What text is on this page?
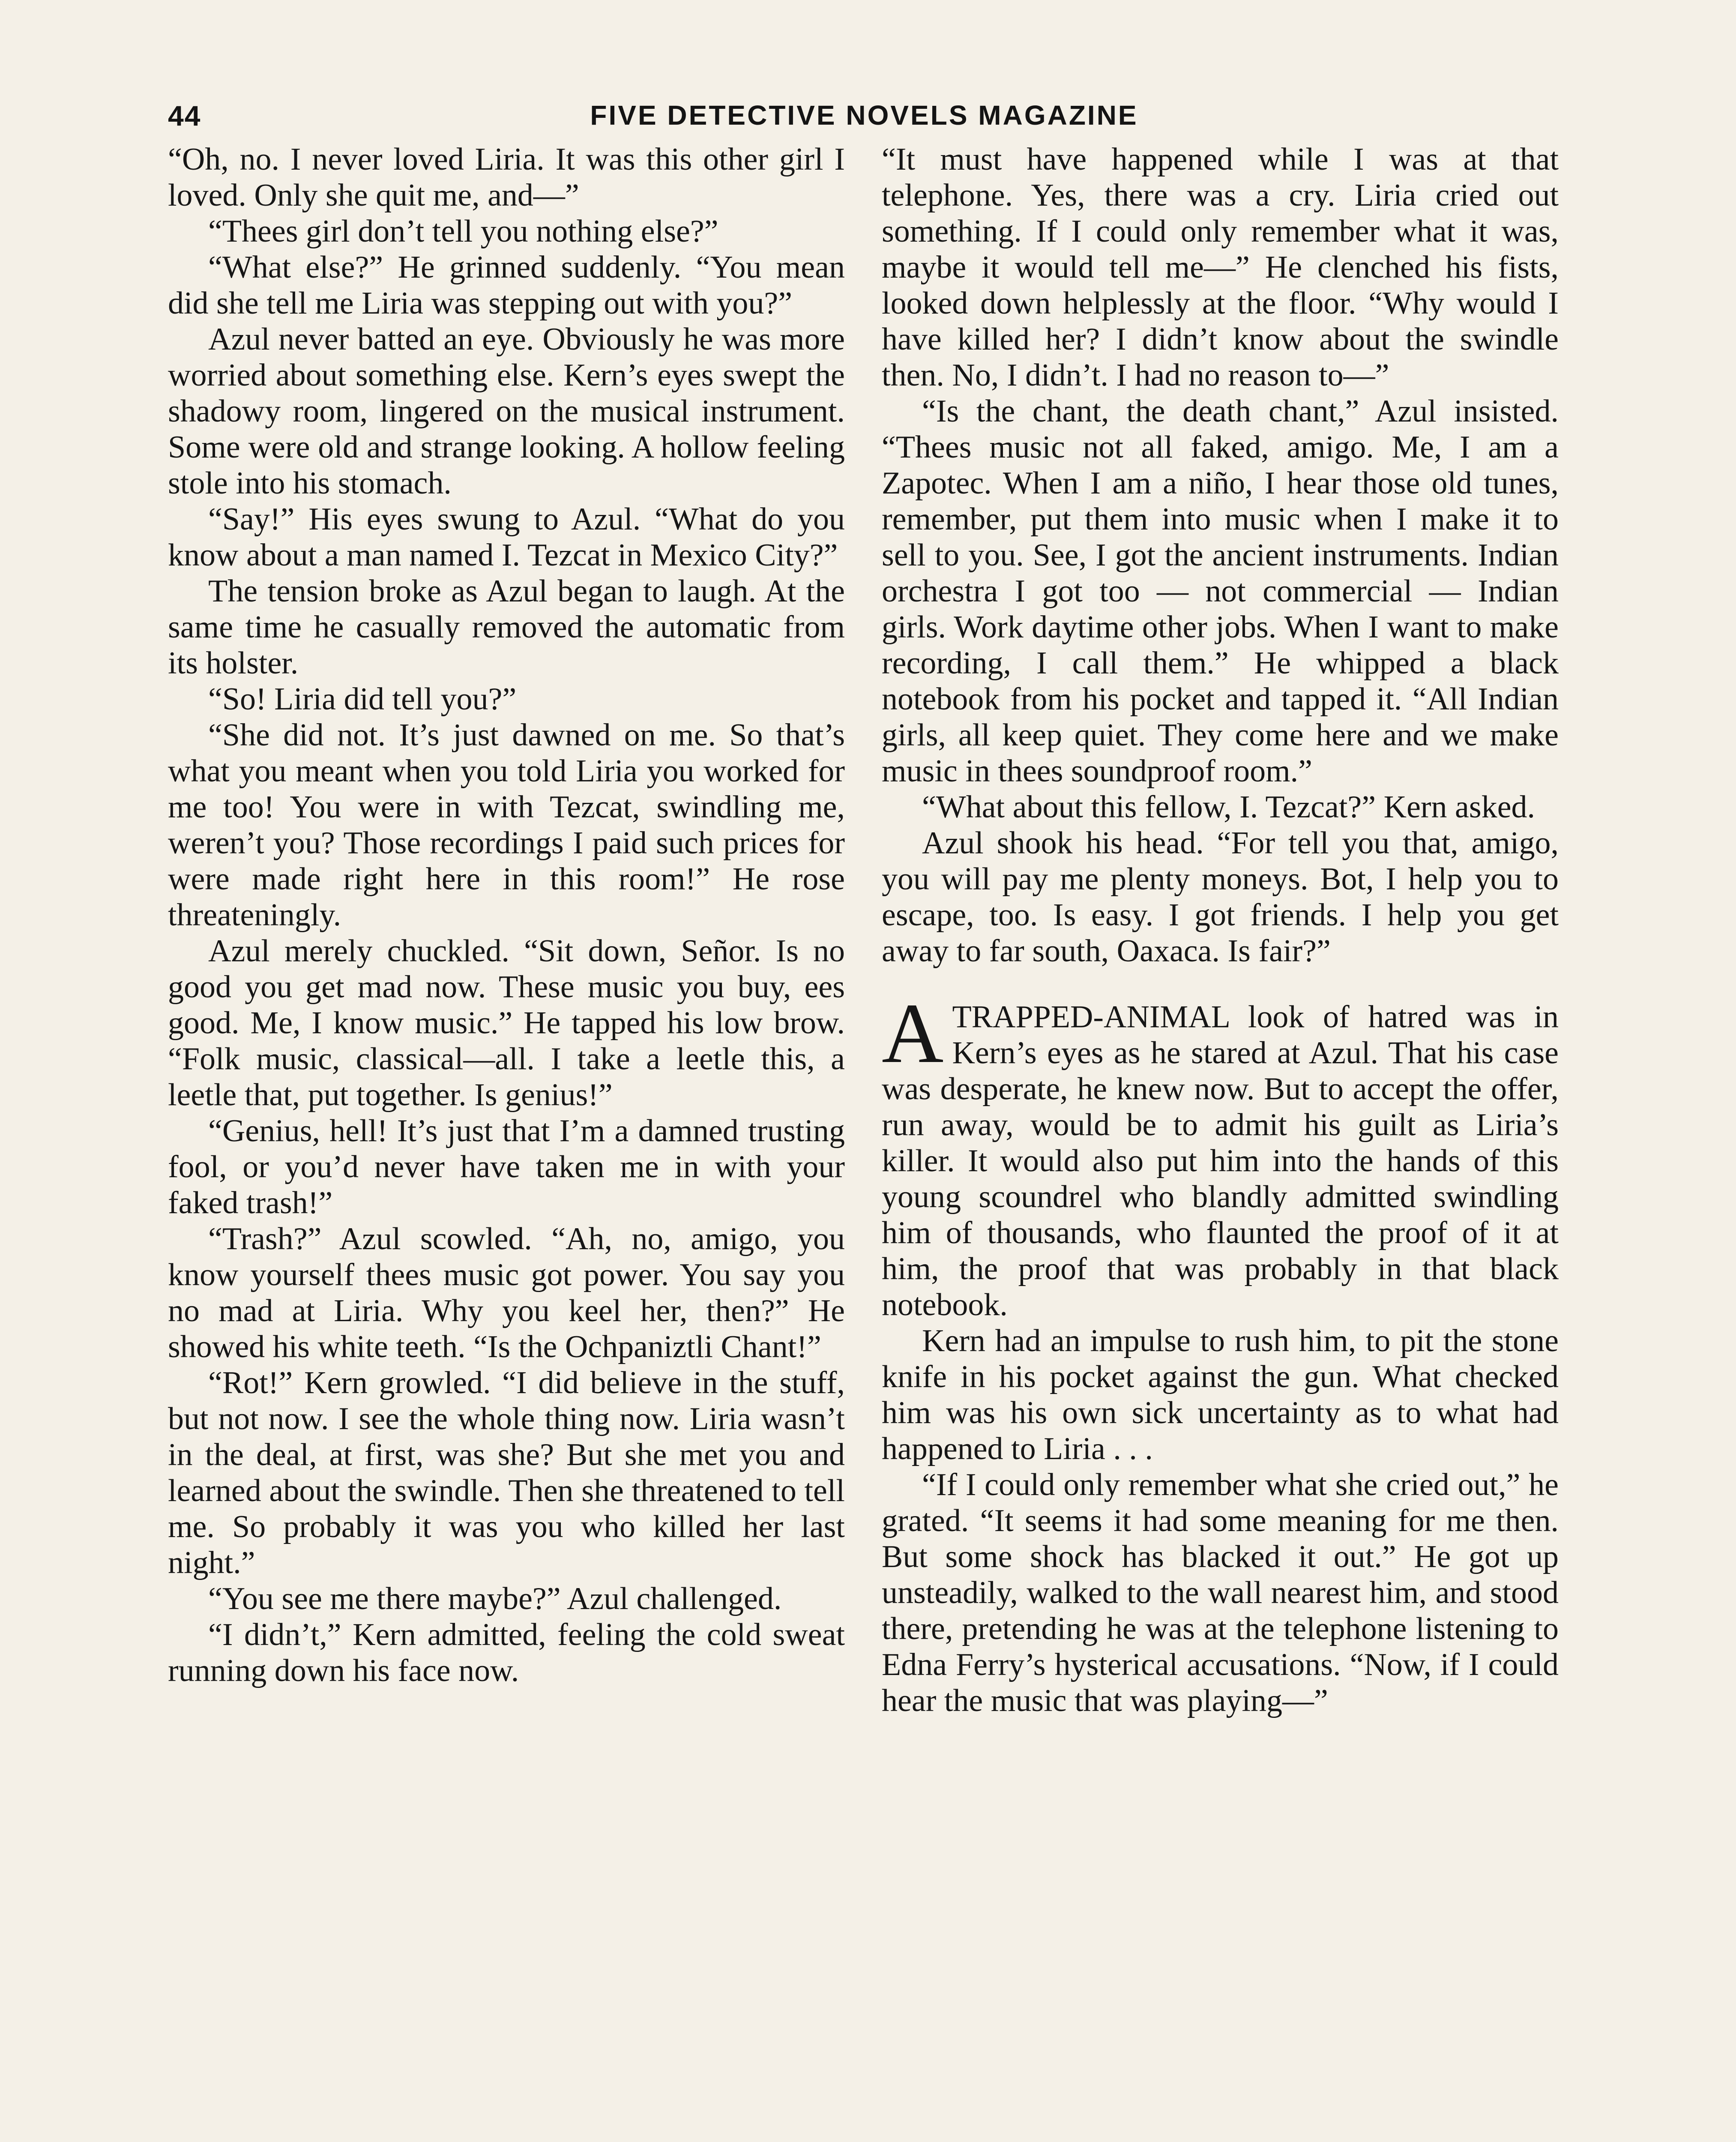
44	FIVE DETECTIVE NOVELS MAGAZINE

“Oh, no. I never loved Liria. It was this other girl I loved. Only she quit me, and—”

“Thees girl don’t tell you nothing else?”

“What else?” He grinned suddenly. “You mean did she tell me Liria was stepping out with you?”

Azul never batted an eye. Obviously he was more worried about something else. Kern’s eyes swept the shadowy room, lingered on the musical instrument. Some were old and strange looking. A hollow feeling stole into his stomach.

“Say!” His eyes swung to Azul. “What do you know about a man named I. Tezcat in Mexico City?”

The tension broke as Azul began to laugh. At the same time he casually removed the automatic from its holster.

“So! Liria did tell you?”

“She did not. It’s just dawned on me. So that’s what you meant when you told Liria you worked for me too! You were in with Tezcat, swindling me, weren’t you? Those recordings I paid such prices for were made right here in this room!” He rose threateningly.

Azul merely chuckled. “Sit down, Señor. Is no good you get mad now. These music you buy, ees good. Me, I know music.” He tapped his low brow. “Folk music, classical—all. I take a leetle this, a leetle that, put together. Is genius!”

“Genius, hell! It’s just that I’m a damned trusting fool, or you’d never have taken me in with your faked trash!”

“Trash?” Azul scowled. “Ah, no, amigo, you know yourself thees music got power. You say you no mad at Liria. Why you keel her, then?” He showed his white teeth. “Is the Ochpaniztli Chant!”

“Rot!” Kern growled. “I did believe in the stuff, but not now. I see the whole thing now. Liria wasn’t in the deal, at first, was she? But she met you and learned about the swindle. Then she threatened to tell me. So probably it was you who killed her last night.”

“You see me there maybe?” Azul challenged.

“I didn’t,” Kern admitted, feeling the cold sweat running down his face now.

“It must have happened while I was at that telephone. Yes, there was a cry. Liria cried out something. If I could only remember what it was, maybe it would tell me—” He clenched his fists, looked down helplessly at the floor. “Why would I have killed her? I didn’t know about the swindle then. No, I didn’t. I had no reason to—”

“Is the chant, the death chant,” Azul insisted. “Thees music not all faked, amigo. Me, I am a Zapotec. When I am a niño, I hear those old tunes, remember, put them into music when I make it to sell to you. See, I got the ancient instruments. Indian orchestra I got too — not commercial — Indian girls. Work daytime other jobs. When I want to make recording, I call them.” He whipped a black notebook from his pocket and tapped it. “All Indian girls, all keep quiet. They come here and we make music in thees soundproof room.”

“What about this fellow, I. Tezcat?” Kern asked.

Azul shook his head. “For tell you that, amigo, you will pay me plenty moneys. Bot, I help you to escape, too. Is easy. I got friends. I help you get away to far south, Oaxaca. Is fair?”

ATRAPPED-ANIMAL look of hatred was in Kern’s eyes as he stared at Azul. That his case was desperate, he knew now. But to accept the offer, run away, would be to admit his guilt as Liria’s killer. It would also put him into the hands of this young scoundrel who blandly admitted swindling him of thousands, who flaunted the proof of it at him, the proof that was probably in that black notebook.

Kern had an impulse to rush him, to pit the stone knife in his pocket against the gun. What checked him was his own sick uncertainty as to what had happened to Liria . . .

“If I could only remember what she cried out,” he grated. “It seems it had some meaning for me then. But some shock has blacked it out.” He got up unsteadily, walked to the wall nearest him, and stood there, pretending he was at the telephone listening to Edna Ferry’s hysterical accusations. “Now, if I could hear the music that was playing—”
